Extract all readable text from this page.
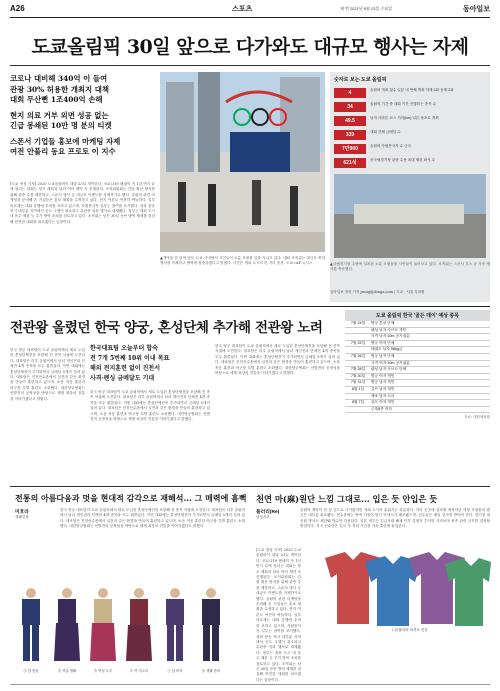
A26	스포츠	제 번 2021년 6월 23일 수요일	동아일보
도쿄올림픽 30일 앞으로 다가와도 대규모 행사는 자제
코로나 대비해 340억 이 들여
관광 30% 허용한 개최지 대책
대회 무산뻔 1조400억 손해
현지 의료 거부 외면 성공 없는
긴급 봉쇄된 10만 명 분의 티켓
스폰서 기업들 홍보에 마케팅 자제
여전 안풀리 동요 프로토 이 지수
[도쿄 정성 기자] 2020 도쿄올림픽이 내달 23일 개막한다. 코로나19 팬데믹 속 1년 연기 끝에 열리는 대회는 당초 계획과 달리 여러 제약 속 진행된다. 조직위원회는 감염 확산 방지를 위해 관중 수를 제한하고, 스폰서 행사 등 대규모 이벤트를 자제하기로 했다. 올림픽 관련 마케팅을 준비해 온 기업들은 홍보 계획을 수정하고 있다. 현지 여론도 여전히 싸늘하다. 일부 의료계는 대회 강행에 우려를 표하고 있으며, 자원봉사자 일부는 참여를 포기했다. 성화 봉송 역시 대부분 지역에서 공도 주행이 취소되고 무관중 점화 행사로 대체됐다. 정부는 개최 도시 내 음주 제한 등 추가 방역 조치를 검토하고 있다. 조직위는 남은 30일 동안 방역 체계를 점검해 안전한 대회를 치르겠다는 입장이다.
▲개막을 한 달여 앞둔 도쿄 시내에서 시민들이 오륜 조형물 앞을 지나고 있다. 대회 조직위는 대규모 축하 행사를 자제하고 방역에 집중하겠다고 밝혔다. 사진은 개최 도시의 한 거리 풍경. 도쿄=AP 뉴시스
숫자로 보는 도쿄 올림픽
4	올림픽 개최 횟수 일본 네 번째 개최 하계 2회·동계 2회
34	올림픽 기간 중 대회 기간 진행되는 종목 수
49.5	남자 마라톤 코스 거리(km) 일본 삿포로 개최
339	대회 전체 금메달 수
7만900	올림픽 자원봉사자 수 규모
621석	신국립경기장 관중 수용 최대 제한 좌석 수
▲국립경기장 주변에 설치된 오륜 조형물을 시민들이 둘러보고 있다. 조직위는 스폰서 부스 등 각종 행사를 축소했다.
동아일보 정성 기자 jsung@donga.com / 도쿄 · 서울 특파원
전관왕 올렸던 한국 양궁, 혼성단체 추가해 전관왕 노려
한국 양궁 대표팀이 도쿄 올림픽에서 새로 도입된 혼성단체전을 포함해 전 종목 석권에 도전한다. 대표팀은 리우 올림픽에서 남녀 개인전과 단체전 4개 종목을 모두 휩쓸었다. 이번 대회에는 혼성단체전이 추가되면서 금메달 5개가 걸려 있다. 대표팀은 진천선수촌에서 실전과 같은 환경을 만들어 훈련하고 있으며, 소음 적응 훈련과 야구장 특별 훈련도 소화했다. 대한양궁협회는 선발전의 공정성을 바탕으로 세계 최강의 전통을 이어가겠다고 밝혔다.
한국대표팀 오늘부터 합숙
전 7개 5번째 10위 이내 목표
해외 전지훈련 없이 진천서
사격·펜싱 금메달도 기대
한국 양궁 대표팀이 도쿄 올림픽에서 새로 도입된 혼성단체전을 포함해 전 종목 석권에 도전한다. 대표팀은 리우 올림픽에서 남녀 개인전과 단체전 4개 종목을 모두 휩쓸었다. 이번 대회에는 혼성단체전이 추가되면서 금메달 5개가 걸려 있다. 대표팀은 진천선수촌에서 실전과 같은 환경을 만들어 훈련하고 있으며, 소음 적응 훈련과 야구장 특별 훈련도 소화했다. 대한양궁협회는 선발전의 공정성을 바탕으로 세계 최강의 전통을 이어가겠다고 밝혔다.
한국 양궁 대표팀이 도쿄 올림픽에서 새로 도입된 혼성단체전을 포함해 전 종목 석권에 도전한다. 대표팀은 리우 올림픽에서 남녀 개인전과 단체전 4개 종목을 모두 휩쓸었다. 이번 대회에는 혼성단체전이 추가되면서 금메달 5개가 걸려 있다. 대표팀은 진천선수촌에서 실전과 같은 환경을 만들어 훈련하고 있으며, 소음 적응 훈련과 야구장 특별 훈련도 소화했다. 대한양궁협회는 선발전의 공정성을 바탕으로 세계 최강의 전통을 이어가겠다고 밝혔다.
도쿄 올림픽 한국 '골든 데이' 예상 종목
7월 24일	양궁 혼성 단체
펜싱 남자 사브르 개인
사격 남자 10m 공기권총
7월 25일	양궁 여자 단체
태권도 남자 58kg급
7월 26일	양궁 남자 단체
사격 여자 10m 공기권총
7월 28일	펜싱 남자 사브르 단체
7월 30일	양궁 여자 개인
7월 31일	양궁 남자 개인
8월 1일	골프 남자 개인
체조 남자 도마
8월 7일	골프 여자 개인
근대5종 여자
자료: 대한체육회
전통의 아름다움과 멋을 현대적 감각으로 재해석... 그 매력에 흠뻑 천연 마(麻)원단 느낌 그대로... 입은 듯 안입은 듯
미호라
생활한복
풀러리(Re)
남성셔츠
한국 양궁 대표팀이 도쿄 올림픽에서 새로 도입된 혼성단체전을 포함해 전 종목 석권에 도전한다. 대표팀은 리우 올림픽에서 남녀 개인전과 단체전 4개 종목을 모두 휩쓸었다. 이번 대회에는 혼성단체전이 추가되면서 금메달 5개가 걸려 있다. 대표팀은 진천선수촌에서 실전과 같은 환경을 만들어 훈련하고 있으며, 소음 적응 훈련과 야구장 특별 훈련도 소화했다. 대한양궁협회는 선발전의 공정성을 바탕으로 세계 최강의 전통을 이어가겠다고 밝혔다.
올림픽 개막이 한 달 앞으로 다가왔지만 개최 도시의 분위기는 차분하다. 거리 곳곳에 설치될 예정이던 대형 조형물과 팬 존은 대부분 취소됐다. 선수촌에는 방역 지침이 담긴 안내서가 배포됐으며, 선수들은 매일 검사를 받아야 한다. 경기장 내 응원 방식도 제한돼 박수만 허용된다. 일본 정부는 긴급사태 해제 이후 감염자 추이를 지켜보며 최종 관중 규모를 결정할 방침이다. 각국 선수단은 입국 후 격리 기간을 거쳐 훈련에 돌입한다.
[도쿄 정성 기자] 2020 도쿄올림픽이 내달 23일 개막한다. 코로나19 팬데믹 속 1년 연기 끝에 열리는 대회는 당초 계획과 달리 여러 제약 속 진행된다. 조직위원회는 감염 확산 방지를 위해 관중 수를 제한하고, 스폰서 행사 등 대규모 이벤트를 자제하기로 했다. 올림픽 관련 마케팅을 준비해 온 기업들은 홍보 계획을 수정하고 있다. 현지 여론도 여전히 싸늘하다. 일부 의료계는 대회 강행에 우려를 표하고 있으며, 자원봉사자 일부는 참여를 포기했다. 성화 봉송 역시 대부분 지역에서 공도 주행이 취소되고 무관중 점화 행사로 대체됐다. 정부는 개최 도시 내 음주 제한 등 추가 방역 조치를 검토하고 있다. 조직위는 남은 30일 동안 방역 체계를 점검해 안전한 대회를 치르겠다는 입장이다.
① 한 맞춤	② 여름 생활	③ 여성 두루	④ 여 저고리	⑤ 남 바지	⑥ 생활 한복
(주)풀리라 마셔츠 신상
